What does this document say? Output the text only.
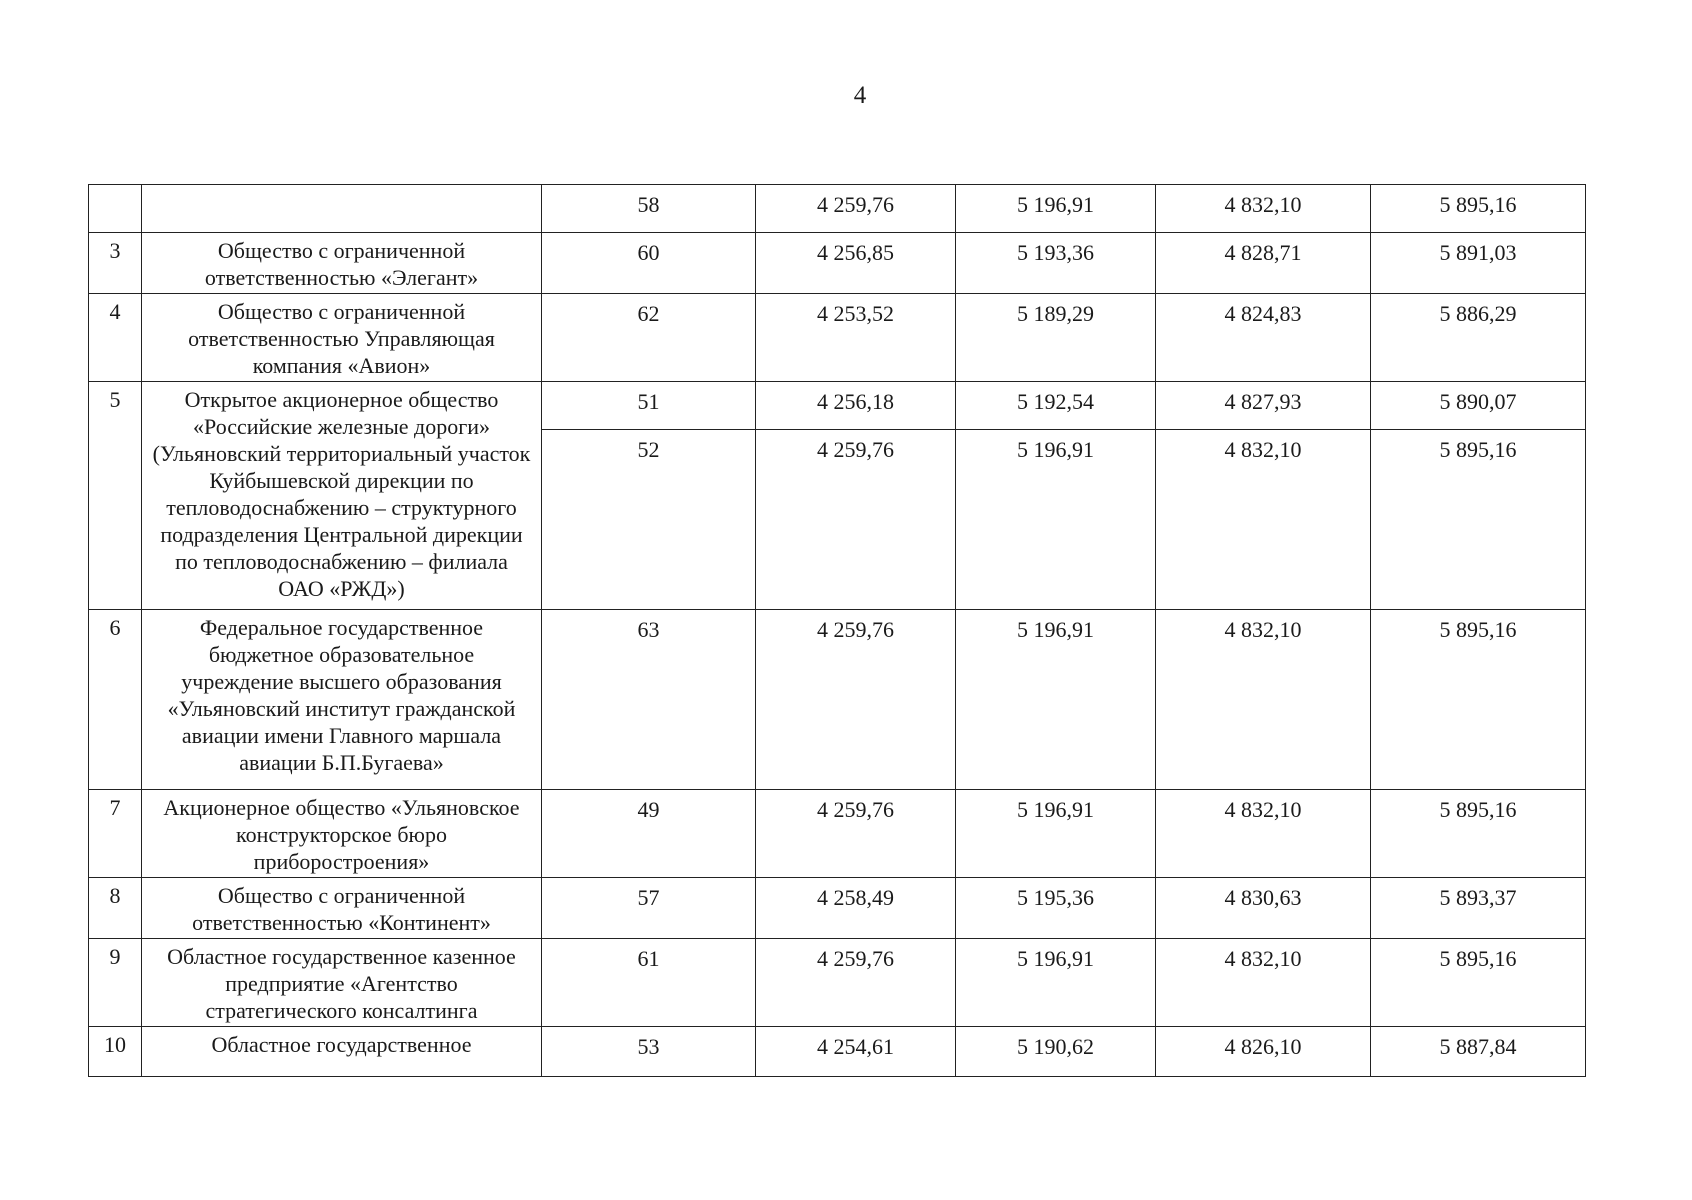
4
		58	4 259,76	5 196,91	4 832,10	5 895,16
3	Общество с ограниченной ответственностью «Элегант»	60	4 256,85	5 193,36	4 828,71	5 891,03
4	Общество с ограниченной ответственностью Управляющая компания «Авион»	62	4 253,52	5 189,29	4 824,83	5 886,29
5	Открытое акционерное общество «Российские железные дороги» (Ульяновский территориальный участок Куйбышевской дирекции по тепловодоснабжению – структурного подразделения Центральной дирекции по тепловодоснабжению – филиала ОАО «РЖД»)	51	4 256,18	5 192,54	4 827,93	5 890,07
		52	4 259,76	5 196,91	4 832,10	5 895,16
6	Федеральное государственное бюджетное образовательное учреждение высшего образования «Ульяновский институт гражданской авиации имени Главного маршала авиации Б.П.Бугаева»	63	4 259,76	5 196,91	4 832,10	5 895,16
7	Акционерное общество «Ульяновское конструкторское бюро приборостроения»	49	4 259,76	5 196,91	4 832,10	5 895,16
8	Общество с ограниченной ответственностью «Континент»	57	4 258,49	5 195,36	4 830,63	5 893,37
9	Областное государственное казенное предприятие «Агентство стратегического консалтинга	61	4 259,76	5 196,91	4 832,10	5 895,16
10	Областное государственное	53	4 254,61	5 190,62	4 826,10	5 887,84
